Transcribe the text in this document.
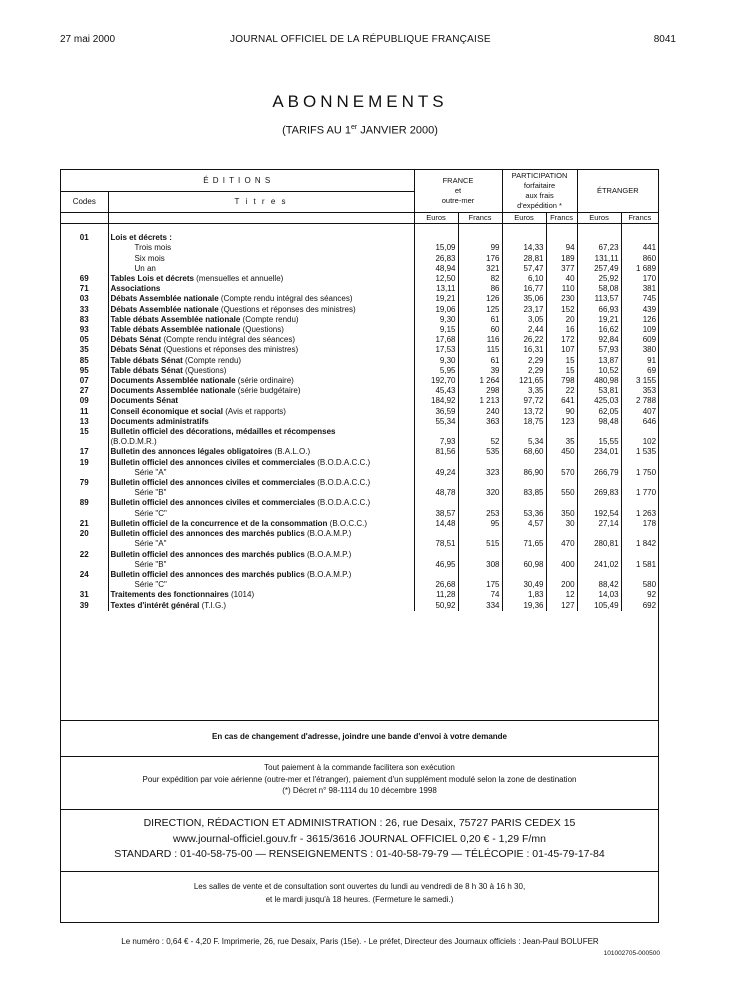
27 mai 2000	JOURNAL OFFICIEL DE LA RÉPUBLIQUE FRANÇAISE	8041
ABONNEMENTS
(TARIFS AU 1er JANVIER 2000)
É D I T I O N S		FRANCE
et
outre-mer		PARTICIPATION
forfaitaire
aux frais
d'expédition *		ÉTRANGER	
Codes	T i t r e s						
		Euros	Francs	Euros	Francs	Euros	Francs
01	Lois et décrets :						
	Trois mois	15,09	99	14,33	94	67,23	441
	Six mois	26,83	176	28,81	189	131,11	860
	Un an	48,94	321	57,47	377	257,49	1 689
69	Tables Lois et décrets (mensuelles et annuelle)	12,50	82	6,10	40	25,92	170
71	Associations	13,11	86	16,77	110	58,08	381
03	Débats Assemblée nationale (Compte rendu intégral des séances)	19,21	126	35,06	230	113,57	745
33	Débats Assemblée nationale (Questions et réponses des ministres)	19,06	125	23,17	152	66,93	439
83	Table débats Assemblée nationale (Compte rendu)	9,30	61	3,05	20	19,21	126
93	Table débats Assemblée nationale (Questions)	9,15	60	2,44	16	16,62	109
05	Débats Sénat (Compte rendu intégral des séances)	17,68	116	26,22	172	92,84	609
35	Débats Sénat (Questions et réponses des ministres)	17,53	115	16,31	107	57,93	380
85	Table débats Sénat (Compte rendu)	9,30	61	2,29	15	13,87	91
95	Table débats Sénat (Questions)	5,95	39	2,29	15	10,52	69
07	Documents Assemblée nationale (série ordinaire)	192,70	1 264	121,65	798	480,98	3 155
27	Documents Assemblée nationale (série budgétaire)	45,43	298	3,35	22	53,81	353
09	Documents Sénat	184,92	1 213	97,72	641	425,03	2 788
11	Conseil économique et social (Avis et rapports)	36,59	240	13,72	90	62,05	407
13	Documents administratifs	55,34	363	18,75	123	98,48	646
15	Bulletin officiel des décorations, médailles et récompenses						
	(B.O.D.M.R.)	7,93	52	5,34	35	15,55	102
17	Bulletin des annonces légales obligatoires (B.A.L.O.)	81,56	535	68,60	450	234,01	1 535
19	Bulletin officiel des annonces civiles et commerciales (B.O.D.A.C.C.)						
	Série "A"	49,24	323	86,90	570	266,79	1 750
79	Bulletin officiel des annonces civiles et commerciales (B.O.D.A.C.C.)						
	Série "B"	48,78	320	83,85	550	269,83	1 770
89	Bulletin officiel des annonces civiles et commerciales (B.O.D.A.C.C.)						
	Série "C"	38,57	253	53,36	350	192,54	1 263
21	Bulletin officiel de la concurrence et de la consommation (B.O.C.C.)	14,48	95	4,57	30	27,14	178
20	Bulletin officiel des annonces des marchés publics (B.O.A.M.P.)						
	Série "A"	78,51	515	71,65	470	280,81	1 842
22	Bulletin officiel des annonces des marchés publics (B.O.A.M.P.)						
	Série "B"	46,95	308	60,98	400	241,02	1 581
24	Bulletin officiel des annonces des marchés publics (B.O.A.M.P.)						
	Série "C"	26,68	175	30,49	200	88,42	580
31	Traitements des fonctionnaires (1014)	11,28	74	1,83	12	14,03	92
39	Textes d'intérêt général (T.I.G.)	50,92	334	19,36	127	105,49	692
En cas de changement d'adresse, joindre une bande d'envoi à votre demande
Tout paiement à la commande facilitera son exécution
Pour expédition par voie aérienne (outre-mer et l'étranger), paiement d'un supplément modulé selon la zone de destination
(*) Décret n° 98-1114 du 10 décembre 1998
DIRECTION, RÉDACTION ET ADMINISTRATION : 26, rue Desaix, 75727 PARIS CEDEX 15
www.journal-officiel.gouv.fr - 3615/3616 JOURNAL OFFICIEL 0,20 € - 1,29 F/mn
STANDARD : 01-40-58-75-00 — RENSEIGNEMENTS : 01-40-58-79-79 — TÉLÉCOPIE : 01-45-79-17-84
Les salles de vente et de consultation sont ouvertes du lundi au vendredi de 8 h 30 à 16 h 30,
et le mardi jusqu'à 18 heures. (Fermeture le samedi.)
Le numéro : 0,64 € - 4,20 F. Imprimerie, 26, rue Desaix, Paris (15e). - Le préfet, Directeur des Journaux officiels : Jean-Paul BOLUFER
101002705-000500
